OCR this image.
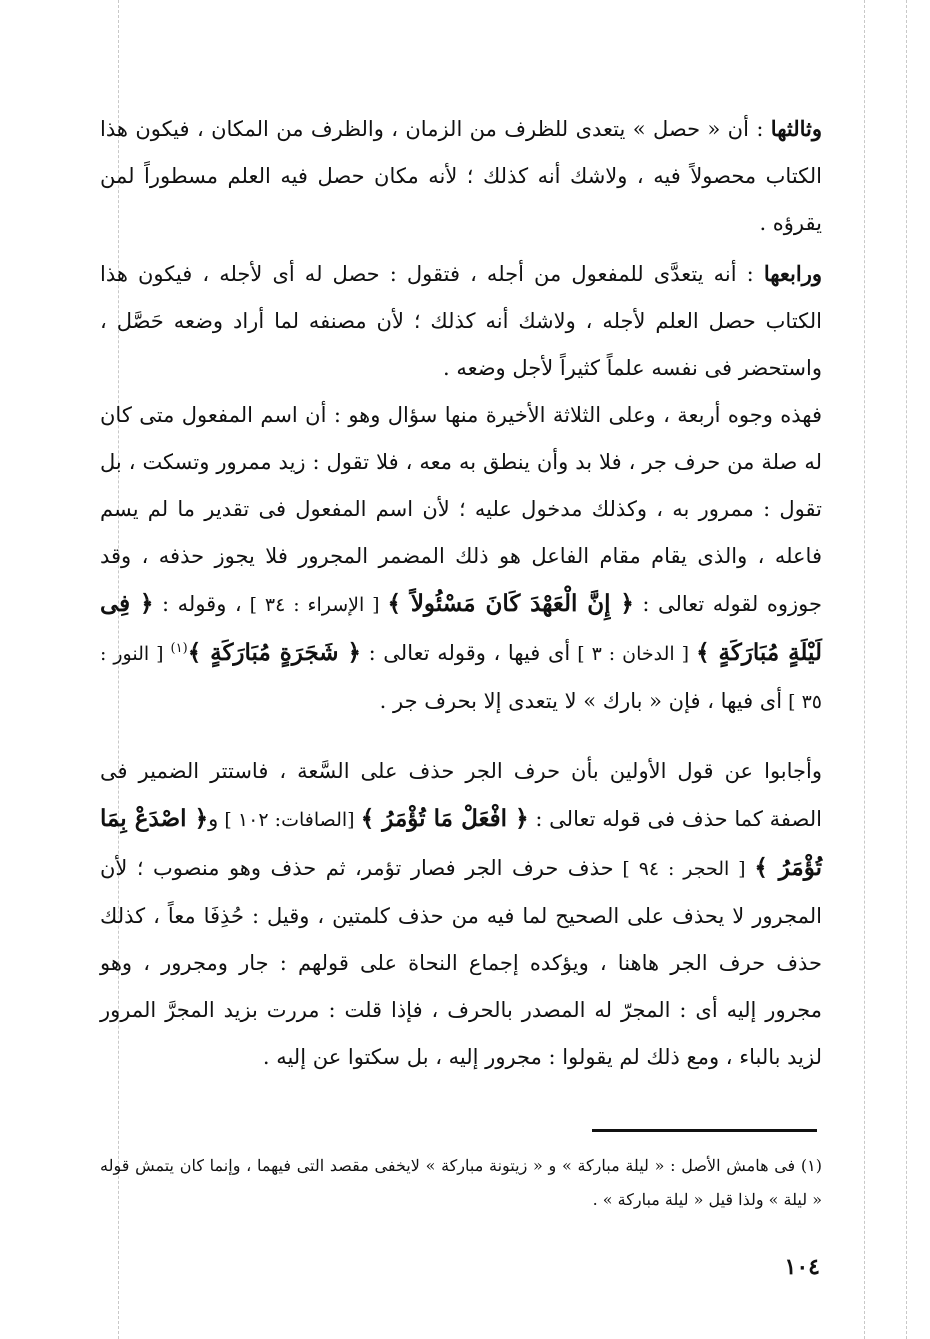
وثالثها : أن « حصل » يتعدى للظرف من الزمان ، والظرف من المكان ، فيكون هذا الكتاب محصولاً فيه ، ولاشك أنه كذلك ؛ لأنه مكان حصل فيه العلم مسطوراً لمن يقرؤه .

ورابعها : أنه يتعدَّى للمفعول من أجله ، فتقول : حصل له أى لأجله ، فيكون هذا الكتاب حصل العلم لأجله ، ولاشك أنه كذلك ؛ لأن مصنفه لما أراد وضعه حَصَّل ، واستحضر فى نفسه علماً كثيراً لأجل وضعه .

فهذه وجوه أربعة ، وعلى الثلاثة الأخيرة منها سؤال وهو : أن اسم المفعول متى كان له صلة من حرف جر ، فلا بد وأن ينطق به معه ، فلا تقول : زيد ممرور وتسكت ، بل تقول : ممرور به ، وكذلك مدخول عليه ؛ لأن اسم المفعول فى تقدير ما لم يسم فاعله ، والذى يقام مقام الفاعل هو ذلك المضمر المجرور فلا يجوز حذفه ، وقد جوزوه لقوله تعالى : ﴿ إِنَّ الْعَهْدَ كَانَ مَسْئُولاً ﴾ [ الإسراء : ٣٤ ] ، وقوله : ﴿ فِى لَيْلَةٍ مُبَارَكَةٍ ﴾ [ الدخان : ٣ ] أى فيها ، وقوله تعالى : ﴿ شَجَرَةٍ مُبَارَكَةٍ ﴾$^{(١)}$ [ النور : ٣٥ ] أى فيها ، فإن « بارك » لا يتعدى إلا بحرف جر .

وأجابوا عن قول الأولين بأن حرف الجر حذف على السَّعة ، فاستتر الضمير فى الصفة كما حذف فى قوله تعالى : ﴿ افْعَلْ مَا تُؤْمَرُ ﴾ [الصافات: ١٠٢ ] و﴿ اصْدَعْ بِمَا تُؤْمَرُ ﴾ [ الحجر : ٩٤ ] حذف حرف الجر فصار تؤمر، ثم حذف وهو منصوب ؛ لأن المجرور لا يحذف على الصحيح لما فيه من حذف كلمتين ، وقيل : حُذِفَا معاً ، كذلك حذف حرف الجر هاهنا ، ويؤكده إجماع النحاة على قولهم : جار ومجرور ، وهو مجرور إليه أى : المجرّ له المصدر بالحرف ، فإذا قلت : مررت بزيد المجرَّ المرور لزيد بالباء ، ومع ذلك لم يقولوا : مجرور إليه ، بل سكتوا عن إليه .

(١) فى هامش الأصل : « ليلة مباركة » و « زيتونة مباركة » لايخفى مقصد التى فيهما ، وإنما كان يتمش قوله « ليلة » ولذا قيل « ليلة مباركة » .

١٠٤
